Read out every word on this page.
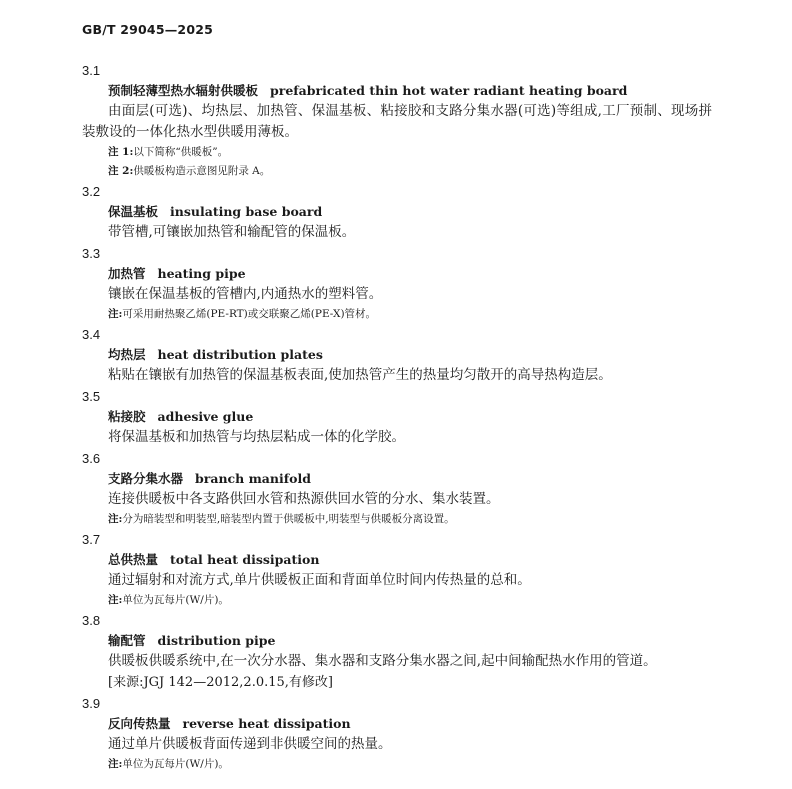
GB/T 29045—2025
3.1
预制轻薄型热水辐射供暖板 prefabricated thin hot water radiant heating board
由面层(可选)、均热层、加热管、保温基板、粘接胶和支路分集水器(可选)等组成,工厂预制、现场拼装敷设的一体化热水型供暖用薄板。
注 1:以下简称“供暖板”。
注 2:供暖板构造示意图见附录 A。
3.2
保温基板 insulating base board
带管槽,可镶嵌加热管和输配管的保温板。
3.3
加热管 heating pipe
镶嵌在保温基板的管槽内,内通热水的塑料管。
注:可采用耐热聚乙烯(PE-RT)或交联聚乙烯(PE-X)管材。
3.4
均热层 heat distribution plates
粘贴在镶嵌有加热管的保温基板表面,使加热管产生的热量均匀散开的高导热构造层。
3.5
粘接胶 adhesive glue
将保温基板和加热管与均热层粘成一体的化学胶。
3.6
支路分集水器 branch manifold
连接供暖板中各支路供回水管和热源供回水管的分水、集水装置。
注:分为暗装型和明装型,暗装型内置于供暖板中,明装型与供暖板分离设置。
3.7
总供热量 total heat dissipation
通过辐射和对流方式,单片供暖板正面和背面单位时间内传热量的总和。
注:单位为瓦每片(W/片)。
3.8
输配管 distribution pipe
供暖板供暖系统中,在一次分水器、集水器和支路分集水器之间,起中间输配热水作用的管道。
[来源:JGJ 142—2012,2.0.15,有修改]
3.9
反向传热量 reverse heat dissipation
通过单片供暖板背面传递到非供暖空间的热量。
注:单位为瓦每片(W/片)。
